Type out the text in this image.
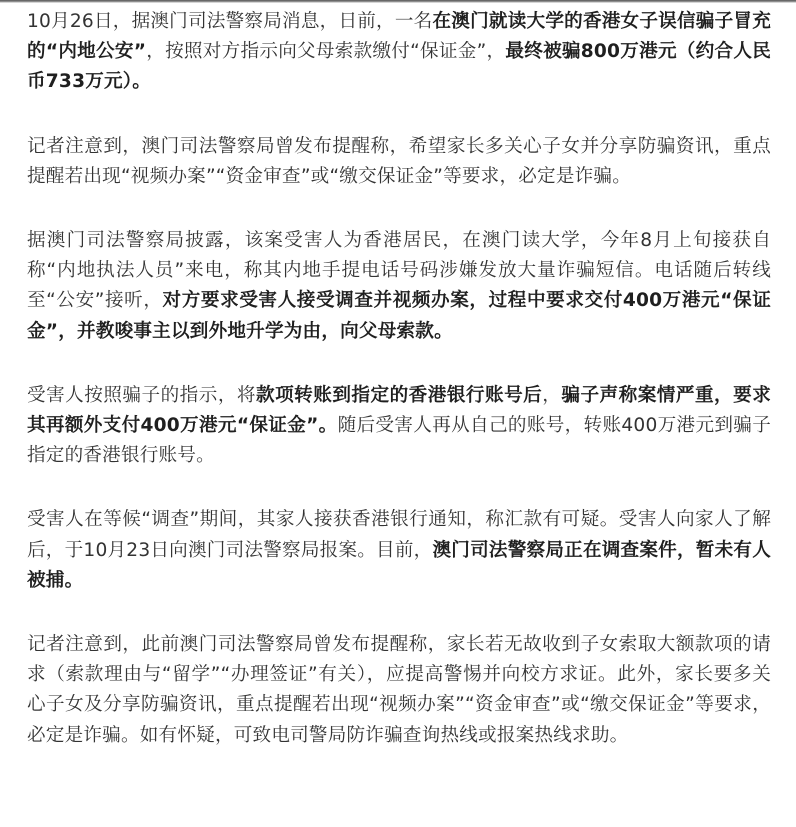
10月26日，据澳门司法警察局消息，日前，一名在澳门就读大学的香港女子误信骗子冒充的“内地公安”，按照对方指示向父母索款缴付“保证金”，最终被骗800万港元（约合人民币733万元）。

记者注意到，澳门司法警察局曾发布提醒称，希望家长多关心子女并分享防骗资讯，重点提醒若出现“视频办案”“资金审查”或“缴交保证金”等要求，必定是诈骗。

据澳门司法警察局披露，该案受害人为香港居民，在澳门读大学，今年8月上旬接获自称“内地执法人员”来电，称其内地手提电话号码涉嫌发放大量诈骗短信。电话随后转线至“公安”接听，对方要求受害人接受调查并视频办案，过程中要求交付400万港元“保证金”，并教唆事主以到外地升学为由，向父母索款。

受害人按照骗子的指示，将款项转账到指定的香港银行账号后，骗子声称案情严重，要求其再额外支付400万港元“保证金”。随后受害人再从自己的账号，转账400万港元到骗子指定的香港银行账号。

受害人在等候“调查”期间，其家人接获香港银行通知，称汇款有可疑。受害人向家人了解后，于10月23日向澳门司法警察局报案。目前，澳门司法警察局正在调查案件，暂未有人被捕。

记者注意到，此前澳门司法警察局曾发布提醒称，家长若无故收到子女索取大额款项的请求（索款理由与“留学”“办理签证”有关），应提高警惕并向校方求证。此外，家长要多关心子女及分享防骗资讯，重点提醒若出现“视频办案”“资金审查”或“缴交保证金”等要求，必定是诈骗。如有怀疑，可致电司警局防诈骗查询热线或报案热线求助。
